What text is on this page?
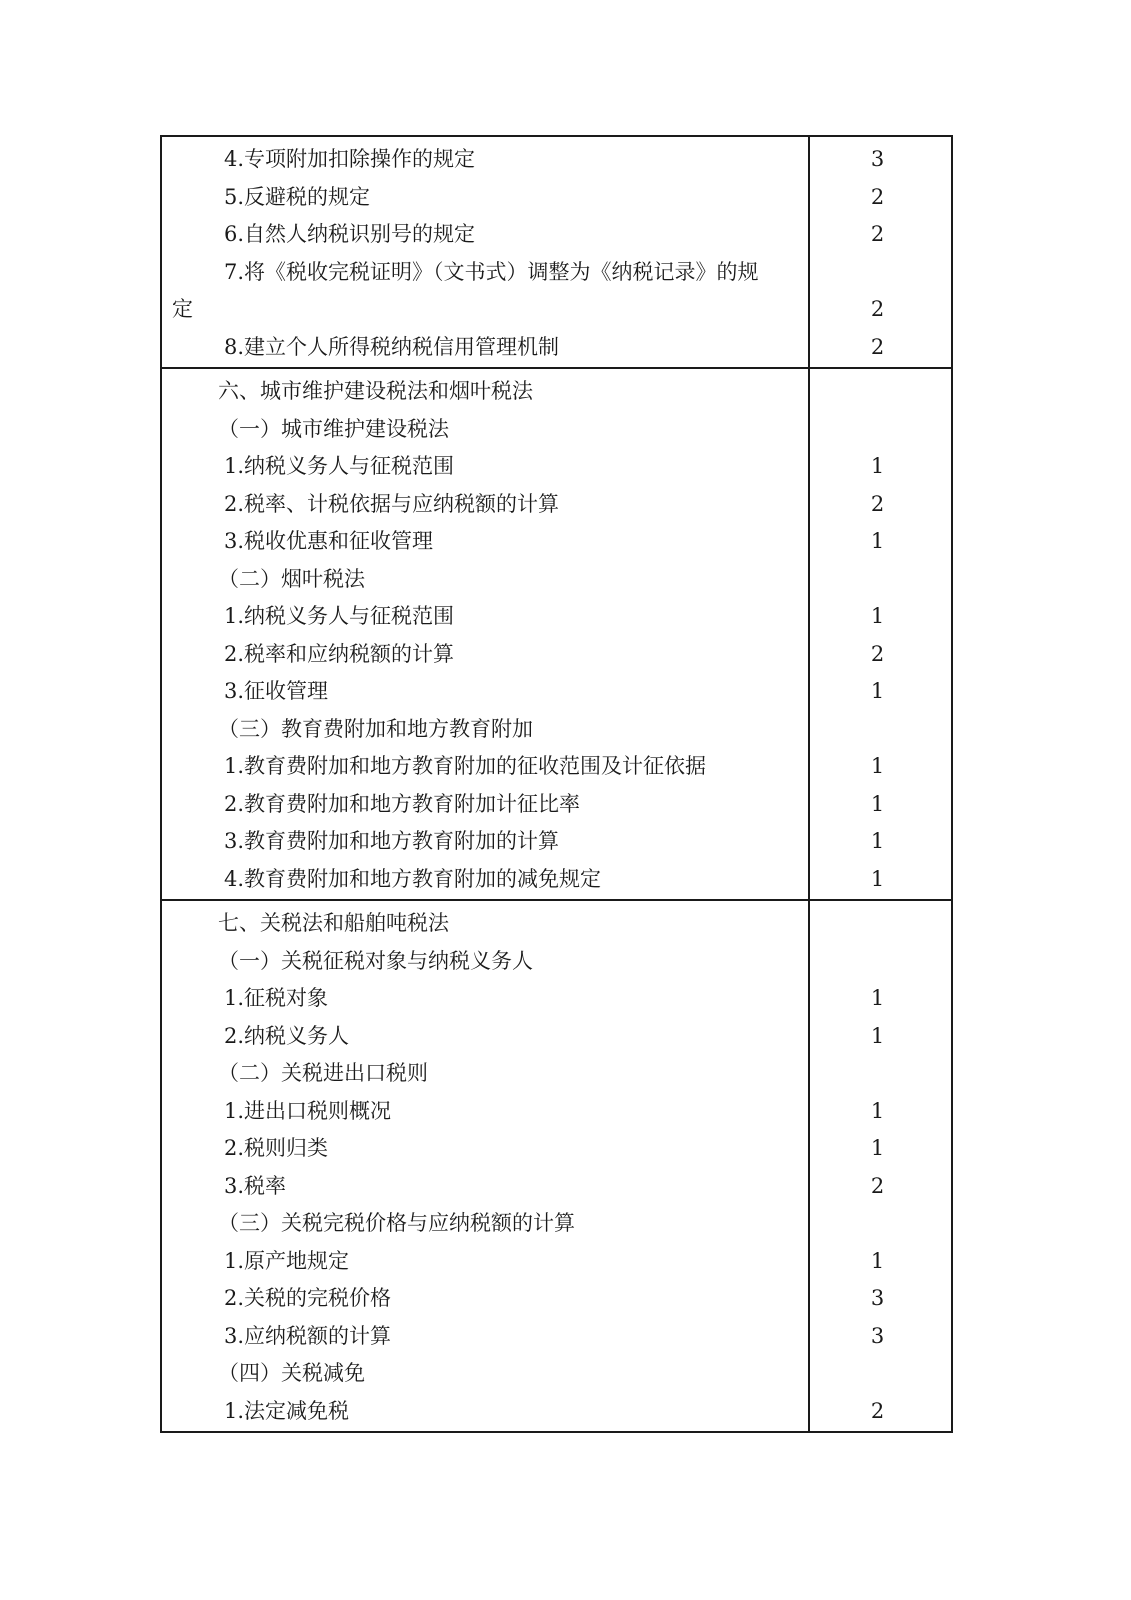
4.专项附加扣除操作的规定
5.反避税的规定
6.自然人纳税识别号的规定
7.将《税收完税证明》（文书式）调整为《纳税记录》的规
定
8.建立个人所得税纳税信用管理机制
3
2
2
2
2
六、城市维护建设税法和烟叶税法
（一）城市维护建设税法
1.纳税义务人与征税范围
2.税率、计税依据与应纳税额的计算
3.税收优惠和征收管理
（二）烟叶税法
1.纳税义务人与征税范围
2.税率和应纳税额的计算
3.征收管理
（三）教育费附加和地方教育附加
1.教育费附加和地方教育附加的征收范围及计征依据
2.教育费附加和地方教育附加计征比率
3.教育费附加和地方教育附加的计算
4.教育费附加和地方教育附加的减免规定
1
2
1
1
2
1
1
1
1
1
七、关税法和船舶吨税法
（一）关税征税对象与纳税义务人
1.征税对象
2.纳税义务人
（二）关税进出口税则
1.进出口税则概况
2.税则归类
3.税率
（三）关税完税价格与应纳税额的计算
1.原产地规定
2.关税的完税价格
3.应纳税额的计算
（四）关税减免
1.法定减免税
1
1
1
1
2
1
3
3
2
